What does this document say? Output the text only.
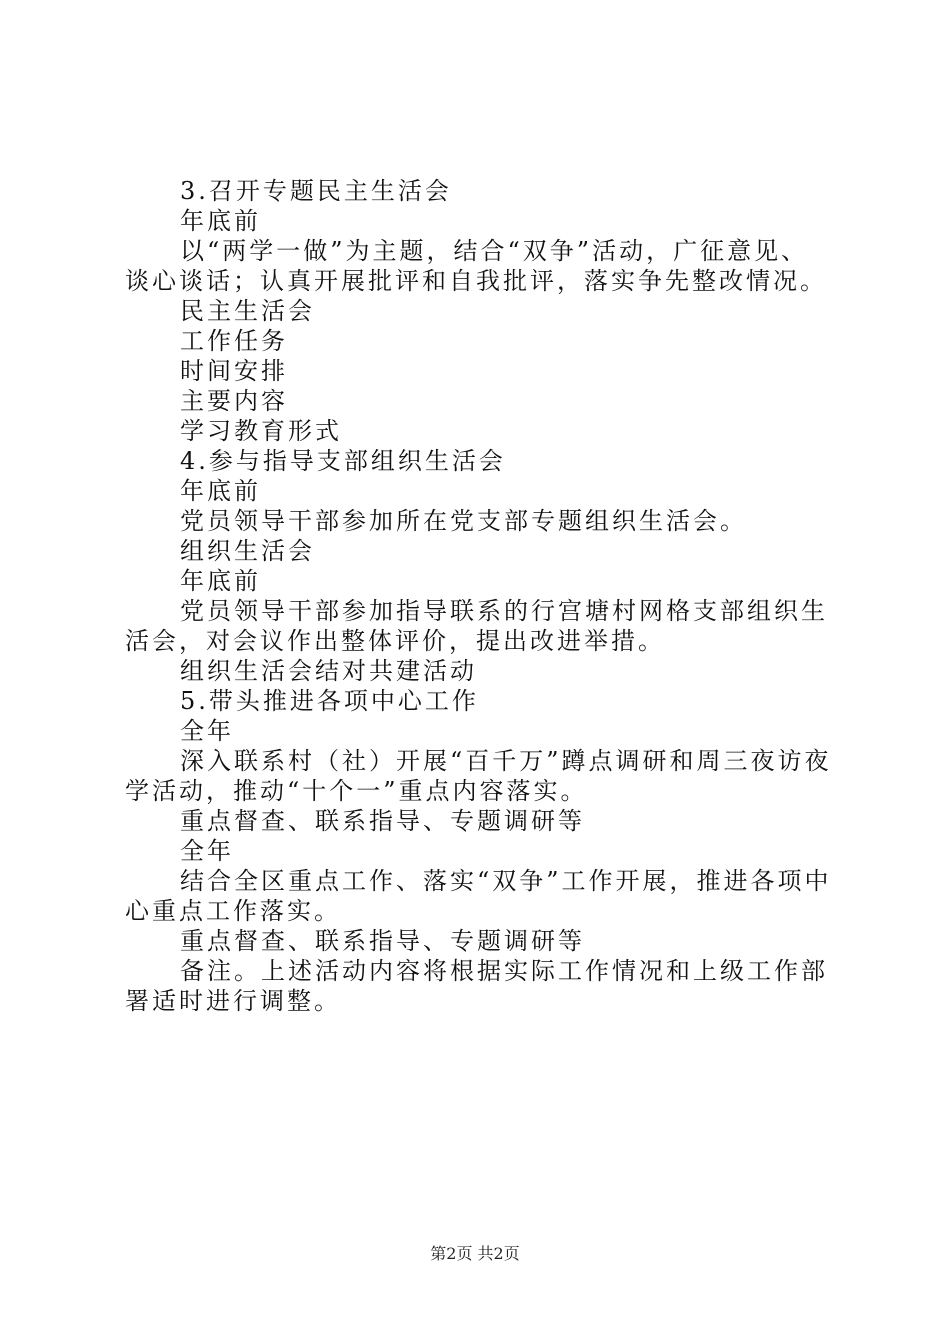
3.召开专题民主生活会

年底前

以“两学一做”为主题，结合“双争”活动，广征意见、谈心谈话；认真开展批评和自我批评，落实争先整改情况。

民主生活会

工作任务

时间安排

主要内容

学习教育形式

4.参与指导支部组织生活会

年底前

党员领导干部参加所在党支部专题组织生活会。

组织生活会

年底前

党员领导干部参加指导联系的行宫塘村网格支部组织生活会，对会议作出整体评价，提出改进举措。

组织生活会结对共建活动

5.带头推进各项中心工作

全年

深入联系村（社）开展“百千万”蹲点调研和周三夜访夜学活动，推动“十个一”重点内容落实。

重点督查、联系指导、专题调研等

全年

结合全区重点工作、落实“双争”工作开展，推进各项中心重点工作落实。

重点督查、联系指导、专题调研等

备注。上述活动内容将根据实际工作情况和上级工作部署适时进行调整。

第2页 共2页
